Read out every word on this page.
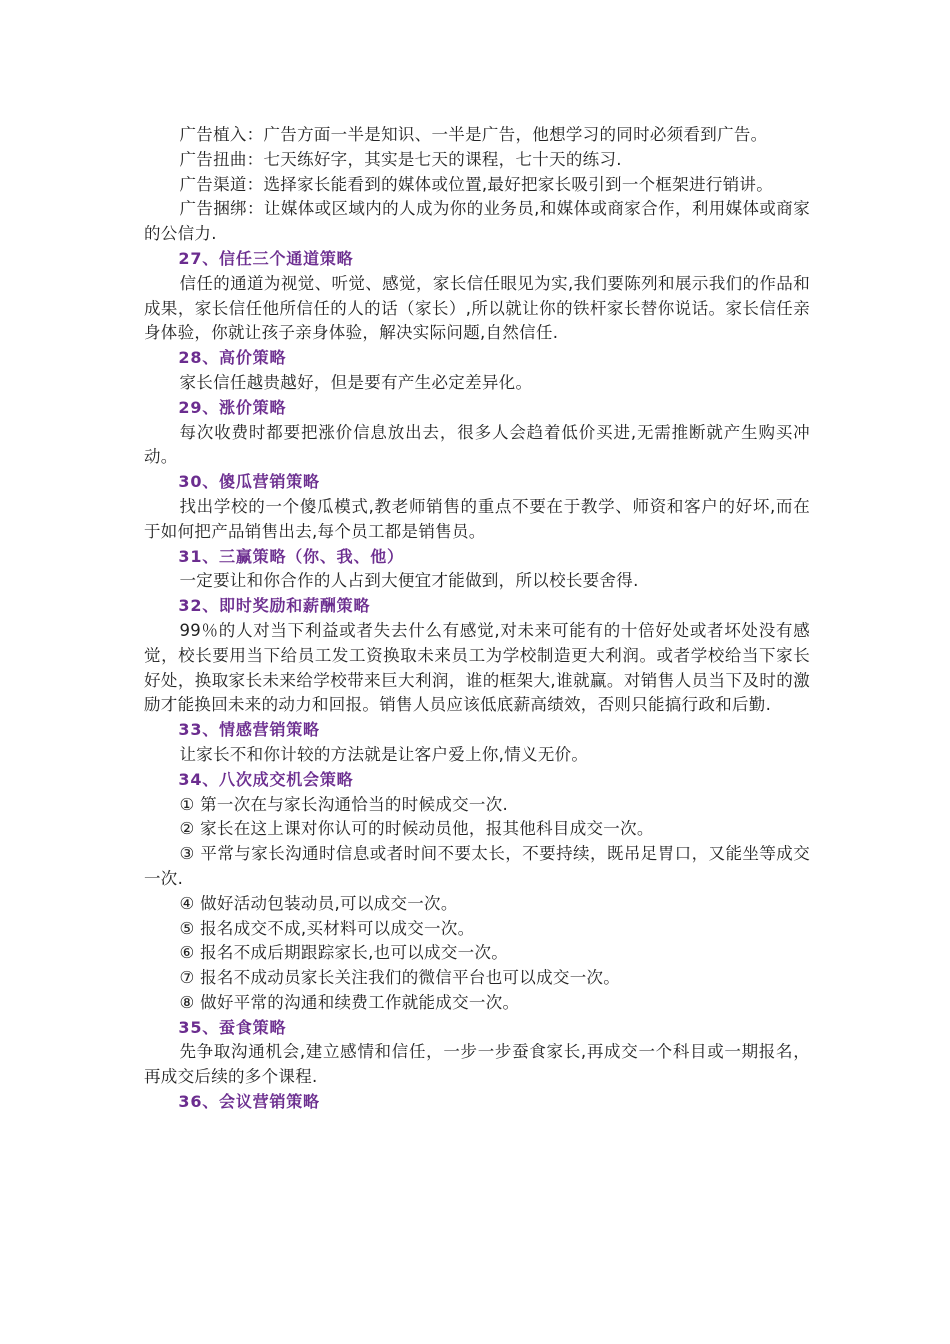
广告植入：广告方面一半是知识、一半是广告，他想学习的同时必须看到广告。

广告扭曲：七天练好字，其实是七天的课程，七十天的练习.

广告渠道：选择家长能看到的媒体或位置,最好把家长吸引到一个框架进行销讲。

广告捆绑：让媒体或区域内的人成为你的业务员,和媒体或商家合作，利用媒体或商家的公信力.

27、信任三个通道策略

信任的通道为视觉、听觉、感觉，家长信任眼见为实,我们要陈列和展示我们的作品和成果，家长信任他所信任的人的话（家长）,所以就让你的铁杆家长替你说话。家长信任亲身体验，你就让孩子亲身体验，解决实际问题,自然信任.

28、高价策略

家长信任越贵越好，但是要有产生必定差异化。

29、涨价策略

每次收费时都要把涨价信息放出去，很多人会趋着低价买进,无需推断就产生购买冲动。

30、傻瓜营销策略

找出学校的一个傻瓜模式,教老师销售的重点不要在于教学、师资和客户的好坏,而在于如何把产品销售出去,每个员工都是销售员。

31、三赢策略（你、我、他）

一定要让和你合作的人占到大便宜才能做到，所以校长要舍得.

32、即时奖励和薪酬策略

99％的人对当下利益或者失去什么有感觉,对未来可能有的十倍好处或者坏处没有感觉，校长要用当下给员工发工资换取未来员工为学校制造更大利润。或者学校给当下家长好处，换取家长未来给学校带来巨大利润，谁的框架大,谁就赢。对销售人员当下及时的激励才能换回未来的动力和回报。销售人员应该低底薪高绩效，否则只能搞行政和后勤.

33、情感营销策略

让家长不和你计较的方法就是让客户爱上你,情义无价。

34、八次成交机会策略

① 第一次在与家长沟通恰当的时候成交一次.

② 家长在这上课对你认可的时候动员他，报其他科目成交一次。

③ 平常与家长沟通时信息或者时间不要太长，不要持续，既吊足胃口，又能坐等成交一次.

④ 做好活动包装动员,可以成交一次。

⑤ 报名成交不成,买材料可以成交一次。

⑥ 报名不成后期跟踪家长,也可以成交一次。

⑦ 报名不成动员家长关注我们的微信平台也可以成交一次。

⑧ 做好平常的沟通和续费工作就能成交一次。

35、蚕食策略

先争取沟通机会,建立感情和信任，一步一步蚕食家长,再成交一个科目或一期报名，再成交后续的多个课程.

36、会议营销策略
